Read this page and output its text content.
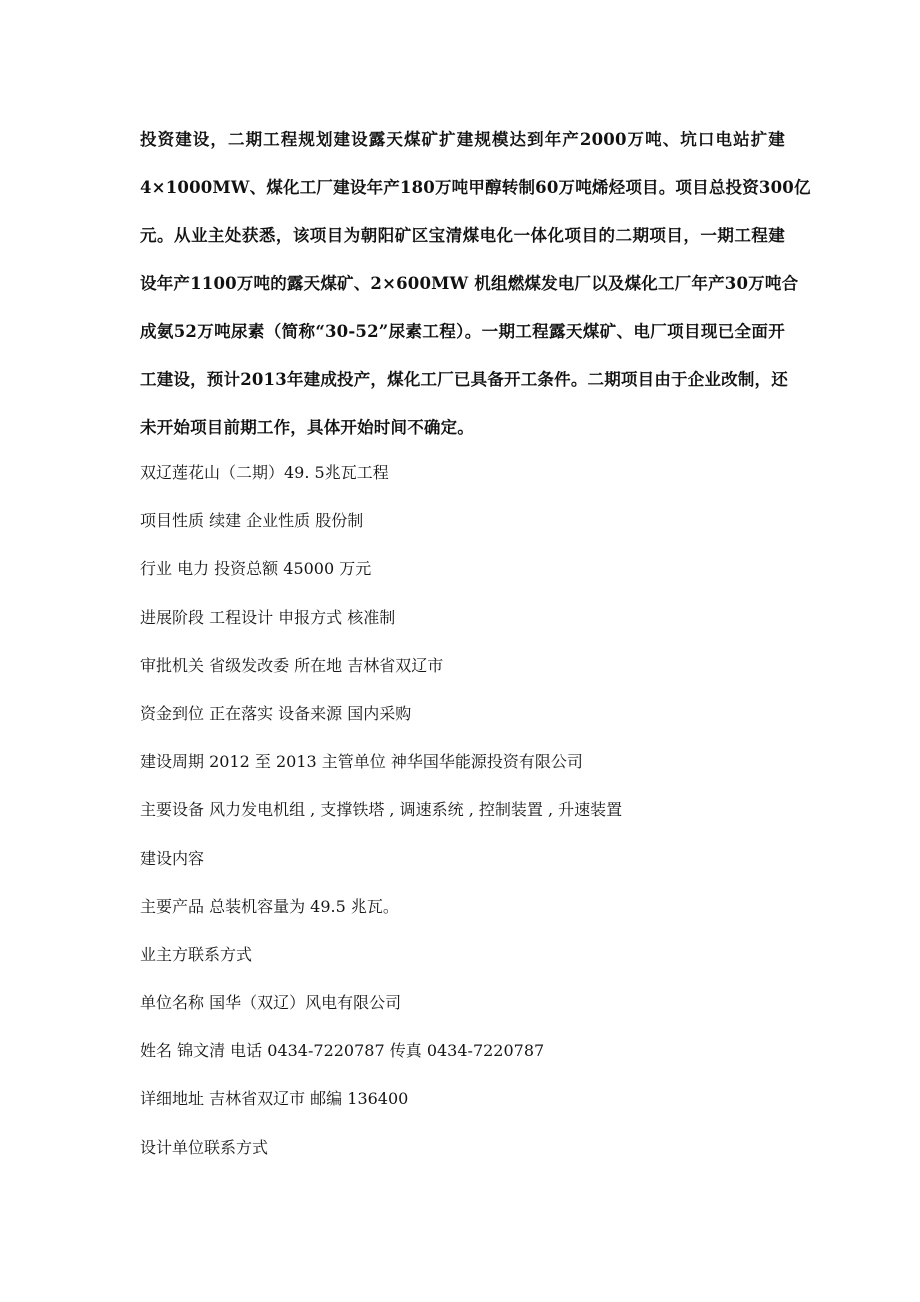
投资建设，二期工程规划建设露天煤矿扩建规模达到年产2000万吨、坑口电站扩建
4×1000MW、煤化工厂建设年产180万吨甲醇转制60万吨烯烃项目。项目总投资300亿
元。从业主处获悉，该项目为朝阳矿区宝清煤电化一体化项目的二期项目，一期工程建
设年产1100万吨的露天煤矿、2×600MW 机组燃煤发电厂以及煤化工厂年产30万吨合
成氨52万吨尿素（简称“30-52”尿素工程）。一期工程露天煤矿、电厂项目现已全面开
工建设，预计2013年建成投产，煤化工厂已具备开工条件。二期项目由于企业改制，还
未开始项目前期工作，具体开始时间不确定。
双辽莲花山（二期）49. 5兆瓦工程
项目性质 续建 企业性质 股份制
行业 电力 投资总额 45000 万元
进展阶段 工程设计 申报方式 核准制
审批机关 省级发改委 所在地 吉林省双辽市
资金到位 正在落实 设备来源 国内采购
建设周期 2012 至 2013 主管单位 神华国华能源投资有限公司
主要设备 风力发电机组 , 支撑铁塔 , 调速系统 , 控制装置 , 升速装置
建设内容
主要产品 总装机容量为 49.5 兆瓦。
业主方联系方式
单位名称 国华（双辽）风电有限公司
姓名 锦文清 电话 0434-7220787 传真 0434-7220787
详细地址 吉林省双辽市 邮编 136400
设计单位联系方式
